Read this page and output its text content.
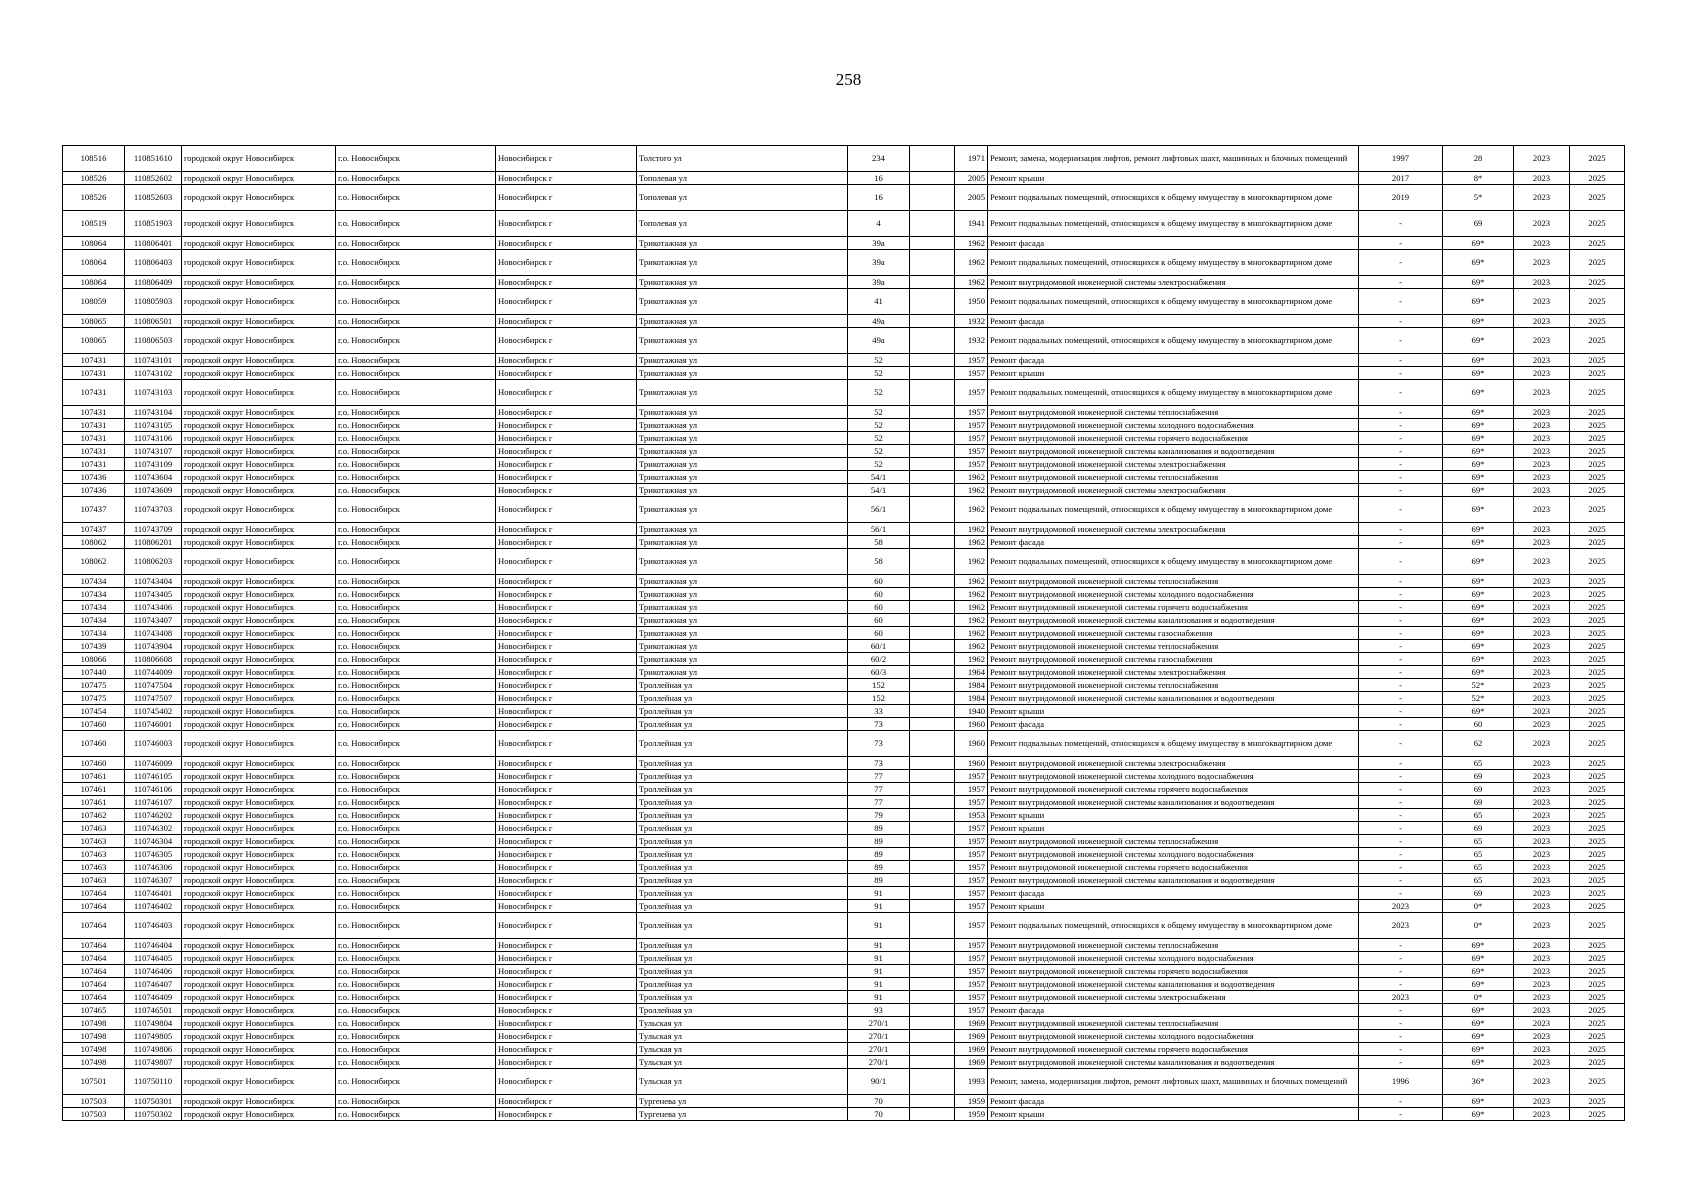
258
108516	110851610	городской округ Новосибирск	г.о. Новосибирск	Новосибирск г	Толстого ул	234		1971	Ремонт, замена, модернизация лифтов, ремонт лифтовых шахт, машинных и блочных помещений	1997	28	2023	2025
108526	110852602	городской округ Новосибирск	г.о. Новосибирск	Новосибирск г	Тополевая ул	16		2005	Ремонт крыши	2017	8*	2023	2025
108526	110852603	городской округ Новосибирск	г.о. Новосибирск	Новосибирск г	Тополевая ул	16		2005	Ремонт подвальных помещений, относящихся к общему имуществу в многоквартирном доме	2019	5*	2023	2025
108519	110851903	городской округ Новосибирск	г.о. Новосибирск	Новосибирск г	Тополевая ул	4		1941	Ремонт подвальных помещений, относящихся к общему имуществу в многоквартирном доме	-	69	2023	2025
108064	110806401	городской округ Новосибирск	г.о. Новосибирск	Новосибирск г	Трикотажная ул	39а		1962	Ремонт фасада	-	69*	2023	2025
108064	110806403	городской округ Новосибирск	г.о. Новосибирск	Новосибирск г	Трикотажная ул	39а		1962	Ремонт подвальных помещений, относящихся к общему имуществу в многоквартирном доме	-	69*	2023	2025
108064	110806409	городской округ Новосибирск	г.о. Новосибирск	Новосибирск г	Трикотажная ул	39а		1962	Ремонт внутридомовой инженерной системы электроснабжения	-	69*	2023	2025
108059	110805903	городской округ Новосибирск	г.о. Новосибирск	Новосибирск г	Трикотажная ул	41		1950	Ремонт подвальных помещений, относящихся к общему имуществу в многоквартирном доме	-	69*	2023	2025
108065	110806501	городской округ Новосибирск	г.о. Новосибирск	Новосибирск г	Трикотажная ул	49а		1932	Ремонт фасада	-	69*	2023	2025
108065	110806503	городской округ Новосибирск	г.о. Новосибирск	Новосибирск г	Трикотажная ул	49а		1932	Ремонт подвальных помещений, относящихся к общему имуществу в многоквартирном доме	-	69*	2023	2025
107431	110743101	городской округ Новосибирск	г.о. Новосибирск	Новосибирск г	Трикотажная ул	52		1957	Ремонт фасада	-	69*	2023	2025
107431	110743102	городской округ Новосибирск	г.о. Новосибирск	Новосибирск г	Трикотажная ул	52		1957	Ремонт крыши	-	69*	2023	2025
107431	110743103	городской округ Новосибирск	г.о. Новосибирск	Новосибирск г	Трикотажная ул	52		1957	Ремонт подвальных помещений, относящихся к общему имуществу в многоквартирном доме	-	69*	2023	2025
107431	110743104	городской округ Новосибирск	г.о. Новосибирск	Новосибирск г	Трикотажная ул	52		1957	Ремонт внутридомовой инженерной системы теплоснабжения	-	69*	2023	2025
107431	110743105	городской округ Новосибирск	г.о. Новосибирск	Новосибирск г	Трикотажная ул	52		1957	Ремонт внутридомовой инженерной системы холодного водоснабжения	-	69*	2023	2025
107431	110743106	городской округ Новосибирск	г.о. Новосибирск	Новосибирск г	Трикотажная ул	52		1957	Ремонт внутридомовой инженерной системы горячего водоснабжения	-	69*	2023	2025
107431	110743107	городской округ Новосибирск	г.о. Новосибирск	Новосибирск г	Трикотажная ул	52		1957	Ремонт внутридомовой инженерной системы канализования и водоотведения	-	69*	2023	2025
107431	110743109	городской округ Новосибирск	г.о. Новосибирск	Новосибирск г	Трикотажная ул	52		1957	Ремонт внутридомовой инженерной системы электроснабжения	-	69*	2023	2025
107436	110743604	городской округ Новосибирск	г.о. Новосибирск	Новосибирск г	Трикотажная ул	54/1		1962	Ремонт внутридомовой инженерной системы теплоснабжения	-	69*	2023	2025
107436	110743609	городской округ Новосибирск	г.о. Новосибирск	Новосибирск г	Трикотажная ул	54/1		1962	Ремонт внутридомовой инженерной системы электроснабжения	-	69*	2023	2025
107437	110743703	городской округ Новосибирск	г.о. Новосибирск	Новосибирск г	Трикотажная ул	56/1		1962	Ремонт подвальных помещений, относящихся к общему имуществу в многоквартирном доме	-	69*	2023	2025
107437	110743709	городской округ Новосибирск	г.о. Новосибирск	Новосибирск г	Трикотажная ул	56/1		1962	Ремонт внутридомовой инженерной системы электроснабжения	-	69*	2023	2025
108062	110806201	городской округ Новосибирск	г.о. Новосибирск	Новосибирск г	Трикотажная ул	58		1962	Ремонт фасада	-	69*	2023	2025
108062	110806203	городской округ Новосибирск	г.о. Новосибирск	Новосибирск г	Трикотажная ул	58		1962	Ремонт подвальных помещений, относящихся к общему имуществу в многоквартирном доме	-	69*	2023	2025
107434	110743404	городской округ Новосибирск	г.о. Новосибирск	Новосибирск г	Трикотажная ул	60		1962	Ремонт внутридомовой инженерной системы теплоснабжения	-	69*	2023	2025
107434	110743405	городской округ Новосибирск	г.о. Новосибирск	Новосибирск г	Трикотажная ул	60		1962	Ремонт внутридомовой инженерной системы холодного водоснабжения	-	69*	2023	2025
107434	110743406	городской округ Новосибирск	г.о. Новосибирск	Новосибирск г	Трикотажная ул	60		1962	Ремонт внутридомовой инженерной системы горячего водоснабжения	-	69*	2023	2025
107434	110743407	городской округ Новосибирск	г.о. Новосибирск	Новосибирск г	Трикотажная ул	60		1962	Ремонт внутридомовой инженерной системы канализования и водоотведения	-	69*	2023	2025
107434	110743408	городской округ Новосибирск	г.о. Новосибирск	Новосибирск г	Трикотажная ул	60		1962	Ремонт внутридомовой инженерной системы газоснабжения	-	69*	2023	2025
107439	110743904	городской округ Новосибирск	г.о. Новосибирск	Новосибирск г	Трикотажная ул	60/1		1962	Ремонт внутридомовой инженерной системы теплоснабжения	-	69*	2023	2025
108066	110806608	городской округ Новосибирск	г.о. Новосибирск	Новосибирск г	Трикотажная ул	60/2		1962	Ремонт внутридомовой инженерной системы газоснабжения	-	69*	2023	2025
107440	110744009	городской округ Новосибирск	г.о. Новосибирск	Новосибирск г	Трикотажная ул	60/3		1964	Ремонт внутридомовой инженерной системы электроснабжения	-	69*	2023	2025
107475	110747504	городской округ Новосибирск	г.о. Новосибирск	Новосибирск г	Троллейная ул	152		1984	Ремонт внутридомовой инженерной системы теплоснабжения	-	52*	2023	2025
107475	110747507	городской округ Новосибирск	г.о. Новосибирск	Новосибирск г	Троллейная ул	152		1984	Ремонт внутридомовой инженерной системы канализования и водоотведения	-	52*	2023	2025
107454	110745402	городской округ Новосибирск	г.о. Новосибирск	Новосибирск г	Троллейная ул	33		1940	Ремонт крыши	-	69*	2023	2025
107460	110746001	городской округ Новосибирск	г.о. Новосибирск	Новосибирск г	Троллейная ул	73		1960	Ремонт фасада	-	60	2023	2025
107460	110746003	городской округ Новосибирск	г.о. Новосибирск	Новосибирск г	Троллейная ул	73		1960	Ремонт подвальных помещений, относящихся к общему имуществу в многоквартирном доме	-	62	2023	2025
107460	110746009	городской округ Новосибирск	г.о. Новосибирск	Новосибирск г	Троллейная ул	73		1960	Ремонт внутридомовой инженерной системы электроснабжения	-	65	2023	2025
107461	110746105	городской округ Новосибирск	г.о. Новосибирск	Новосибирск г	Троллейная ул	77		1957	Ремонт внутридомовой инженерной системы холодного водоснабжения	-	69	2023	2025
107461	110746106	городской округ Новосибирск	г.о. Новосибирск	Новосибирск г	Троллейная ул	77		1957	Ремонт внутридомовой инженерной системы горячего водоснабжения	-	69	2023	2025
107461	110746107	городской округ Новосибирск	г.о. Новосибирск	Новосибирск г	Троллейная ул	77		1957	Ремонт внутридомовой инженерной системы канализования и водоотведения	-	69	2023	2025
107462	110746202	городской округ Новосибирск	г.о. Новосибирск	Новосибирск г	Троллейная ул	79		1953	Ремонт крыши	-	65	2023	2025
107463	110746302	городской округ Новосибирск	г.о. Новосибирск	Новосибирск г	Троллейная ул	89		1957	Ремонт крыши	-	69	2023	2025
107463	110746304	городской округ Новосибирск	г.о. Новосибирск	Новосибирск г	Троллейная ул	89		1957	Ремонт внутридомовой инженерной системы теплоснабжения	-	65	2023	2025
107463	110746305	городской округ Новосибирск	г.о. Новосибирск	Новосибирск г	Троллейная ул	89		1957	Ремонт внутридомовой инженерной системы холодного водоснабжения	-	65	2023	2025
107463	110746306	городской округ Новосибирск	г.о. Новосибирск	Новосибирск г	Троллейная ул	89		1957	Ремонт внутридомовой инженерной системы горячего водоснабжения	-	65	2023	2025
107463	110746307	городской округ Новосибирск	г.о. Новосибирск	Новосибирск г	Троллейная ул	89		1957	Ремонт внутридомовой инженерной системы канализования и водоотведения	-	65	2023	2025
107464	110746401	городской округ Новосибирск	г.о. Новосибирск	Новосибирск г	Троллейная ул	91		1957	Ремонт фасада	-	69	2023	2025
107464	110746402	городской округ Новосибирск	г.о. Новосибирск	Новосибирск г	Троллейная ул	91		1957	Ремонт крыши	2023	0*	2023	2025
107464	110746403	городской округ Новосибирск	г.о. Новосибирск	Новосибирск г	Троллейная ул	91		1957	Ремонт подвальных помещений, относящихся к общему имуществу в многоквартирном доме	2023	0*	2023	2025
107464	110746404	городской округ Новосибирск	г.о. Новосибирск	Новосибирск г	Троллейная ул	91		1957	Ремонт внутридомовой инженерной системы теплоснабжения	-	69*	2023	2025
107464	110746405	городской округ Новосибирск	г.о. Новосибирск	Новосибирск г	Троллейная ул	91		1957	Ремонт внутридомовой инженерной системы холодного водоснабжения	-	69*	2023	2025
107464	110746406	городской округ Новосибирск	г.о. Новосибирск	Новосибирск г	Троллейная ул	91		1957	Ремонт внутридомовой инженерной системы горячего водоснабжения	-	69*	2023	2025
107464	110746407	городской округ Новосибирск	г.о. Новосибирск	Новосибирск г	Троллейная ул	91		1957	Ремонт внутридомовой инженерной системы канализования и водоотведения	-	69*	2023	2025
107464	110746409	городской округ Новосибирск	г.о. Новосибирск	Новосибирск г	Троллейная ул	91		1957	Ремонт внутридомовой инженерной системы электроснабжения	2023	0*	2023	2025
107465	110746501	городской округ Новосибирск	г.о. Новосибирск	Новосибирск г	Троллейная ул	93		1957	Ремонт фасада	-	69*	2023	2025
107498	110749804	городской округ Новосибирск	г.о. Новосибирск	Новосибирск г	Тульская ул	270/1		1969	Ремонт внутридомовой инженерной системы теплоснабжения	-	69*	2023	2025
107498	110749805	городской округ Новосибирск	г.о. Новосибирск	Новосибирск г	Тульская ул	270/1		1969	Ремонт внутридомовой инженерной системы холодного водоснабжения	-	69*	2023	2025
107498	110749806	городской округ Новосибирск	г.о. Новосибирск	Новосибирск г	Тульская ул	270/1		1969	Ремонт внутридомовой инженерной системы горячего водоснабжения	-	69*	2023	2025
107498	110749807	городской округ Новосибирск	г.о. Новосибирск	Новосибирск г	Тульская ул	270/1		1969	Ремонт внутридомовой инженерной системы канализования и водоотведения	-	69*	2023	2025
107501	110750110	городской округ Новосибирск	г.о. Новосибирск	Новосибирск г	Тульская ул	90/1		1993	Ремонт, замена, модернизация лифтов, ремонт лифтовых шахт, машинных и блочных помещений	1996	36*	2023	2025
107503	110750301	городской округ Новосибирск	г.о. Новосибирск	Новосибирск г	Тургенева ул	70		1959	Ремонт фасада	-	69*	2023	2025
107503	110750302	городской округ Новосибирск	г.о. Новосибирск	Новосибирск г	Тургенева ул	70		1959	Ремонт крыши	-	69*	2023	2025
